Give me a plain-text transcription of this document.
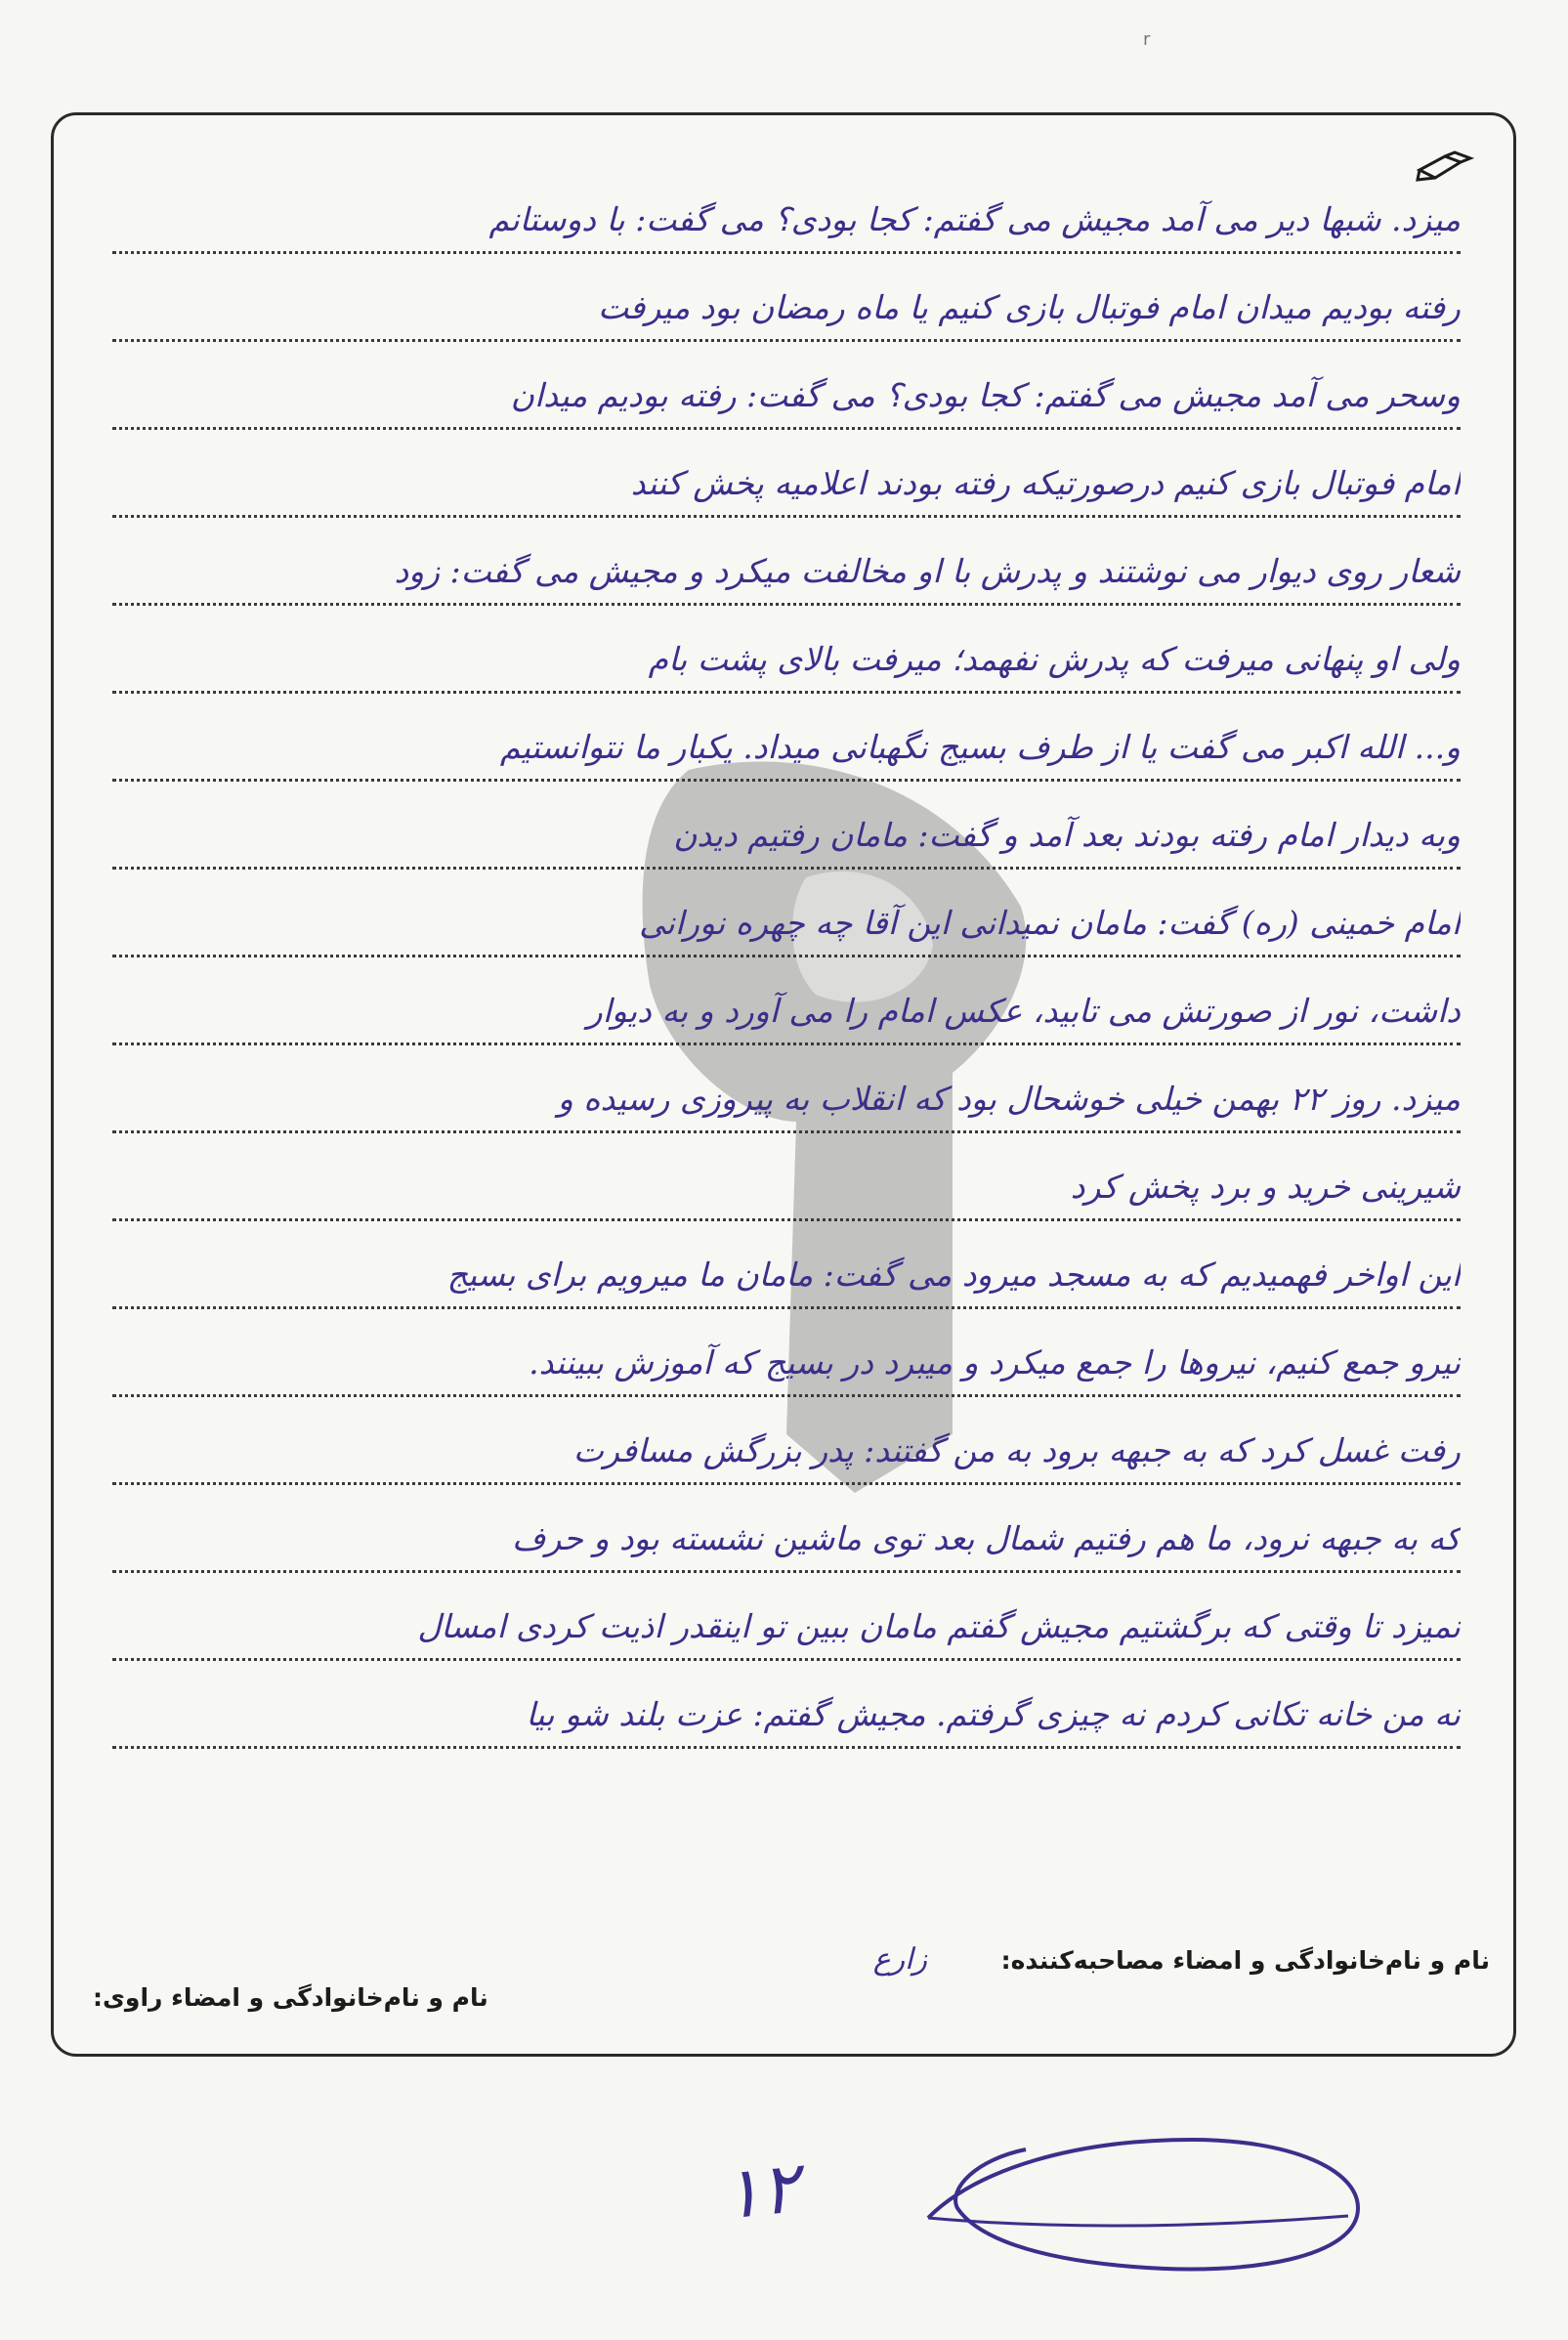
r
میزد. شبها دیر می آمد مجیش می گفتم: کجا بودی؟ می گفت: با دوستانم
رفته بودیم میدان امام فوتبال بازی کنیم یا ماه رمضان بود میرفت
وسحر می آمد مجیش می گفتم: کجا بودی؟ می گفت: رفته بودیم میدان
امام فوتبال بازی کنیم درصورتیکه رفته بودند اعلامیه پخش کنند
شعار روی دیوار می نوشتند و پدرش با او مخالفت میکرد و مجیش می گفت: زود
ولی او پنهانی میرفت که پدرش نفهمد؛ میرفت بالای پشت بام
و... الله اکبر می گفت یا از طرف بسیج نگهبانی میداد. یکبار ما نتوانستیم
وبه دیدار امام رفته بودند بعد آمد و گفت: مامان رفتیم دیدن
امام خمینی (ره) گفت: مامان نمیدانی این آقا چه چهره نورانی
داشت، نور از صورتش می تابید، عکس امام را می آورد و به دیوار
میزد. روز ۲۲ بهمن خیلی خوشحال بود که انقلاب به پیروزی رسیده و
شیرینی خرید و برد پخش کرد
این اواخر فهمیدیم که به مسجد میرود می گفت: مامان ما میرویم برای بسیج
نیرو جمع کنیم، نیروها را جمع میکرد و میبرد در بسیج که آموزش ببینند.
رفت غسل کرد که به جبهه برود به من گفتند: پدر بزرگش مسافرت
که به جبهه نرود، ما هم رفتیم شمال بعد توی ماشین نشسته بود و حرف
نمیزد تا وقتی که برگشتیم مجیش گفتم مامان ببین تو اینقدر اذیت کردی امسال
نه من خانه تکانی کردم نه چیزی گرفتم. مجیش گفتم: عزت بلند شو بیا
نام و نام‌خانوادگی و امضاء مصاحبه‌کننده:
زارع
نام و نام‌خانوادگی و امضاء راوی:
۱۲
